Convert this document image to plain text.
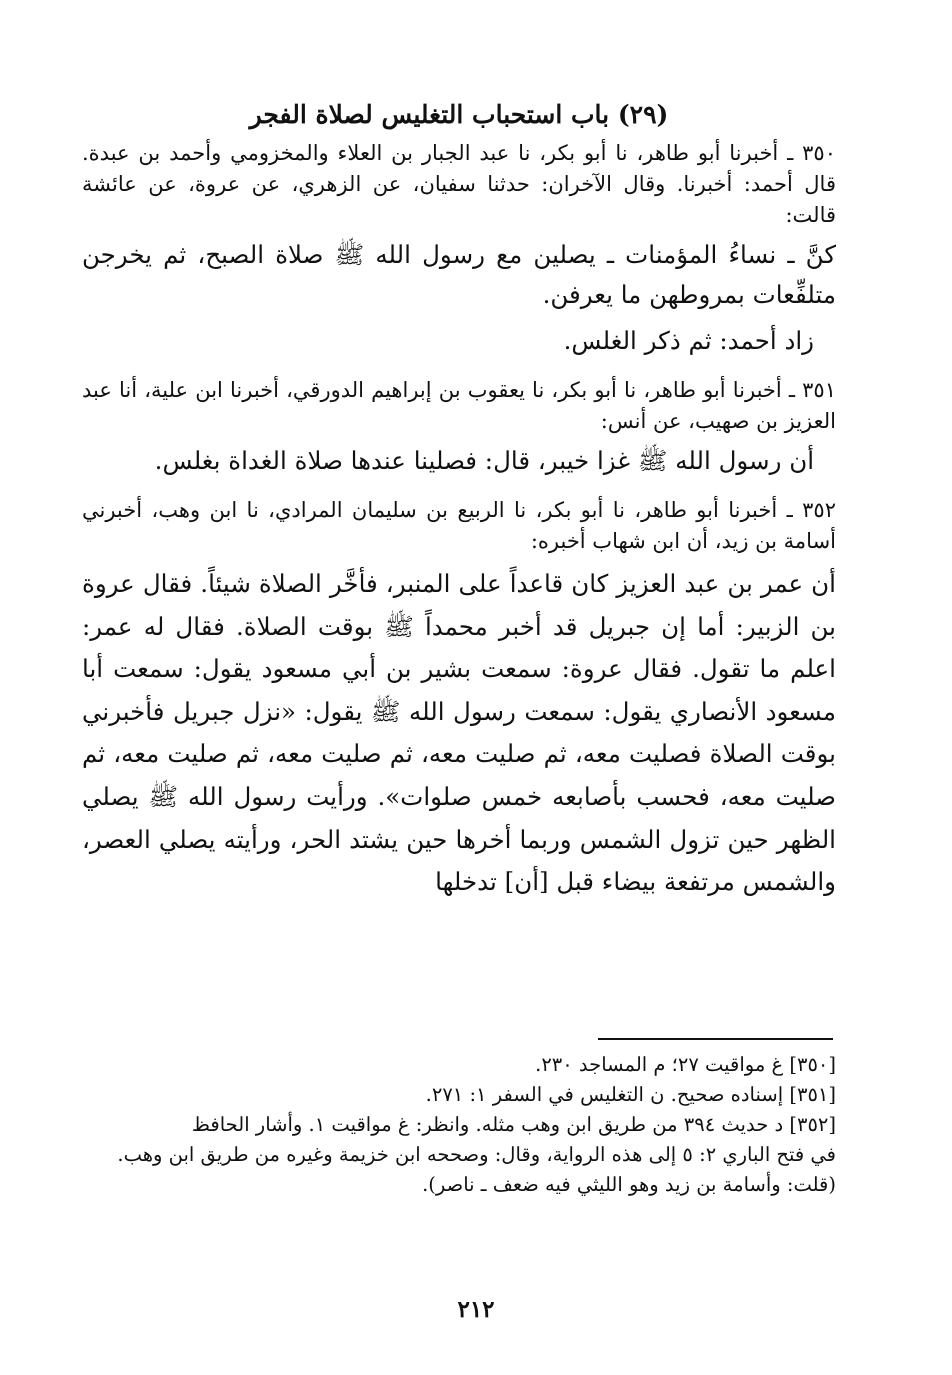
(٢٩) باب استحباب التغليس لصلاة الفجر

٣٥٠ ـ أخبرنا أبو طاهر، نا أبو بكر، نا عبد الجبار بن العلاء والمخزومي وأحمد بن عبدة. قال أحمد: أخبرنا. وقال الآخران: حدثنا سفيان، عن الزهري، عن عروة، عن عائشة قالت:

كنَّ ـ نساءُ المؤمنات ـ يصلين مع رسول الله ﷺ صلاة الصبح، ثم يخرجن متلفِّعات بمروطهن ما يعرفن.

زاد أحمد: ثم ذكر الغلس.

٣٥١ ـ أخبرنا أبو طاهر، نا أبو بكر، نا يعقوب بن إبراهيم الدورقي، أخبرنا ابن علية، أنا عبد العزيز بن صهيب، عن أنس:

أن رسول الله ﷺ غزا خيبر، قال: فصلينا عندها صلاة الغداة بغلس.

٣٥٢ ـ أخبرنا أبو طاهر، نا أبو بكر، نا الربيع بن سليمان المرادي، نا ابن وهب، أخبرني أسامة بن زيد، أن ابن شهاب أخبره:

أن عمر بن عبد العزيز كان قاعداً على المنبر، فأخَّر الصلاة شيئاً. فقال عروة بن الزبير: أما إن جبريل قد أخبر محمداً ﷺ بوقت الصلاة. فقال له عمر: اعلم ما تقول. فقال عروة: سمعت بشير بن أبي مسعود يقول: سمعت أبا مسعود الأنصاري يقول: سمعت رسول الله ﷺ يقول: «نزل جبريل فأخبرني بوقت الصلاة فصليت معه، ثم صليت معه، ثم صليت معه، ثم صليت معه، ثم صليت معه، فحسب بأصابعه خمس صلوات». ورأيت رسول الله ﷺ يصلي الظهر حين تزول الشمس وربما أخرها حين يشتد الحر، ورأيته يصلي العصر، والشمس مرتفعة بيضاء قبل [أن] تدخلها

[٣٥٠] غ مواقيت ٢٧؛ م المساجد ٢٣٠.

[٣٥١] إسناده صحيح. ن التغليس في السفر ١: ٢٧١.

[٣٥٢] د حديث ٣٩٤ من طريق ابن وهب مثله. وانظر: غ مواقيت ١. وأشار الحافظ

في فتح الباري ٢: ٥ إلى هذه الرواية، وقال: وصححه ابن خزيمة وغيره من طريق ابن وهب.

(قلت: وأسامة بن زيد وهو الليثي فيه ضعف ـ ناصر).

٢١٢
